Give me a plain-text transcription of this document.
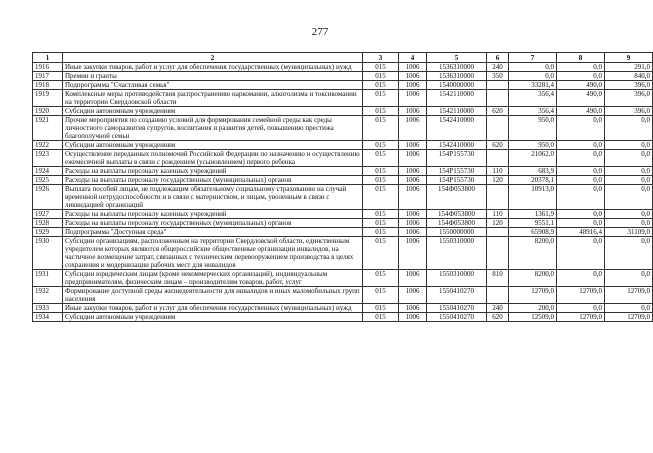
277
1	2	3	4	5	6	7	8	9
1916	Иные закупки товаров, работ и услуг для обеспечения государственных (муниципальных) нужд	015	1006	1536310000	240	0,0	0,0	291,0
1917	Премии и гранты	015	1006	1536310000	350	0,0	0,0	840,0
1918	Подпрограмма "Счастливая семья"	015	1006	1540000000		33281,4	490,0	396,0
1919	Комплексные меры противодействия распространению наркомании, алкоголизма и токсикомании на территории Свердловской области	015	1006	1542110000		356,4	490,0	396,0
1920	Субсидии автономным учреждениям	015	1006	1542110000	620	356,4	490,0	396,0
1921	Прочие мероприятия по созданию условий для формирования семейной среды как среды личностного саморазвития супругов, воспитания и развития детей, повышению престижа благополучной семьи	015	1006	1542410000		950,0	0,0	0,0
1922	Субсидии автономным учреждениям	015	1006	1542410000	620	950,0	0,0	0,0
1923	Осуществление переданных полномочий Российской Федерации по назначению и осуществлению ежемесячной выплаты в связи с рождением (усыновлением) первого ребенка	015	1006	154P155730		21062,0	0,0	0,0
1924	Расходы на выплаты персоналу казенных учреждений	015	1006	154P155730	110	683,9	0,0	0,0
1925	Расходы на выплаты персоналу государственных (муниципальных) органов	015	1006	154P155730	120	20378,1	0,0	0,0
1926	Выплата пособий лицам, не подлежащим обязательному социальному страхованию на случай временной нетрудоспособности и в связи с материнством, и лицам, уволенным в связи с ликвидацией организаций	015	1006	154Ф053800		10913,0	0,0	0,0
1927	Расходы на выплаты персоналу казенных учреждений	015	1006	154Ф053800	110	1361,9	0,0	0,0
1928	Расходы на выплаты персоналу государственных (муниципальных) органов	015	1006	154Ф053800	120	9551,1	0,0	0,0
1929	Подпрограмма "Доступная среда"	015	1006	1550000000		65908,9	48916,4	31109,0
1930	Субсидии организациям, расположенным на территории Свердловской области, единственным учредителем которых являются общероссийские общественные организации инвалидов, на частичное возмещение затрат, связанных с техническим перевооружением производства в целях сохранения и модернизации рабочих мест для инвалидов	015	1006	1550310000		8200,0	0,0	0,0
1931	Субсидии юридическим лицам (кроме некоммерческих организаций), индивидуальным предпринимателям, физическим лицам – производителям товаров, работ, услуг	015	1006	1550310000	810	8200,0	0,0	0,0
1932	Формирование доступной среды жизнедеятельности для инвалидов и иных маломобильных групп населения	015	1006	1550410270		12709,0	12709,0	12709,0
1933	Иные закупки товаров, работ и услуг для обеспечения государственных (муниципальных) нужд	015	1006	1550410270	240	200,0	0,0	0,0
1934	Субсидии автономным учреждениям	015	1006	1550410270	620	12509,0	12709,0	12709,0
